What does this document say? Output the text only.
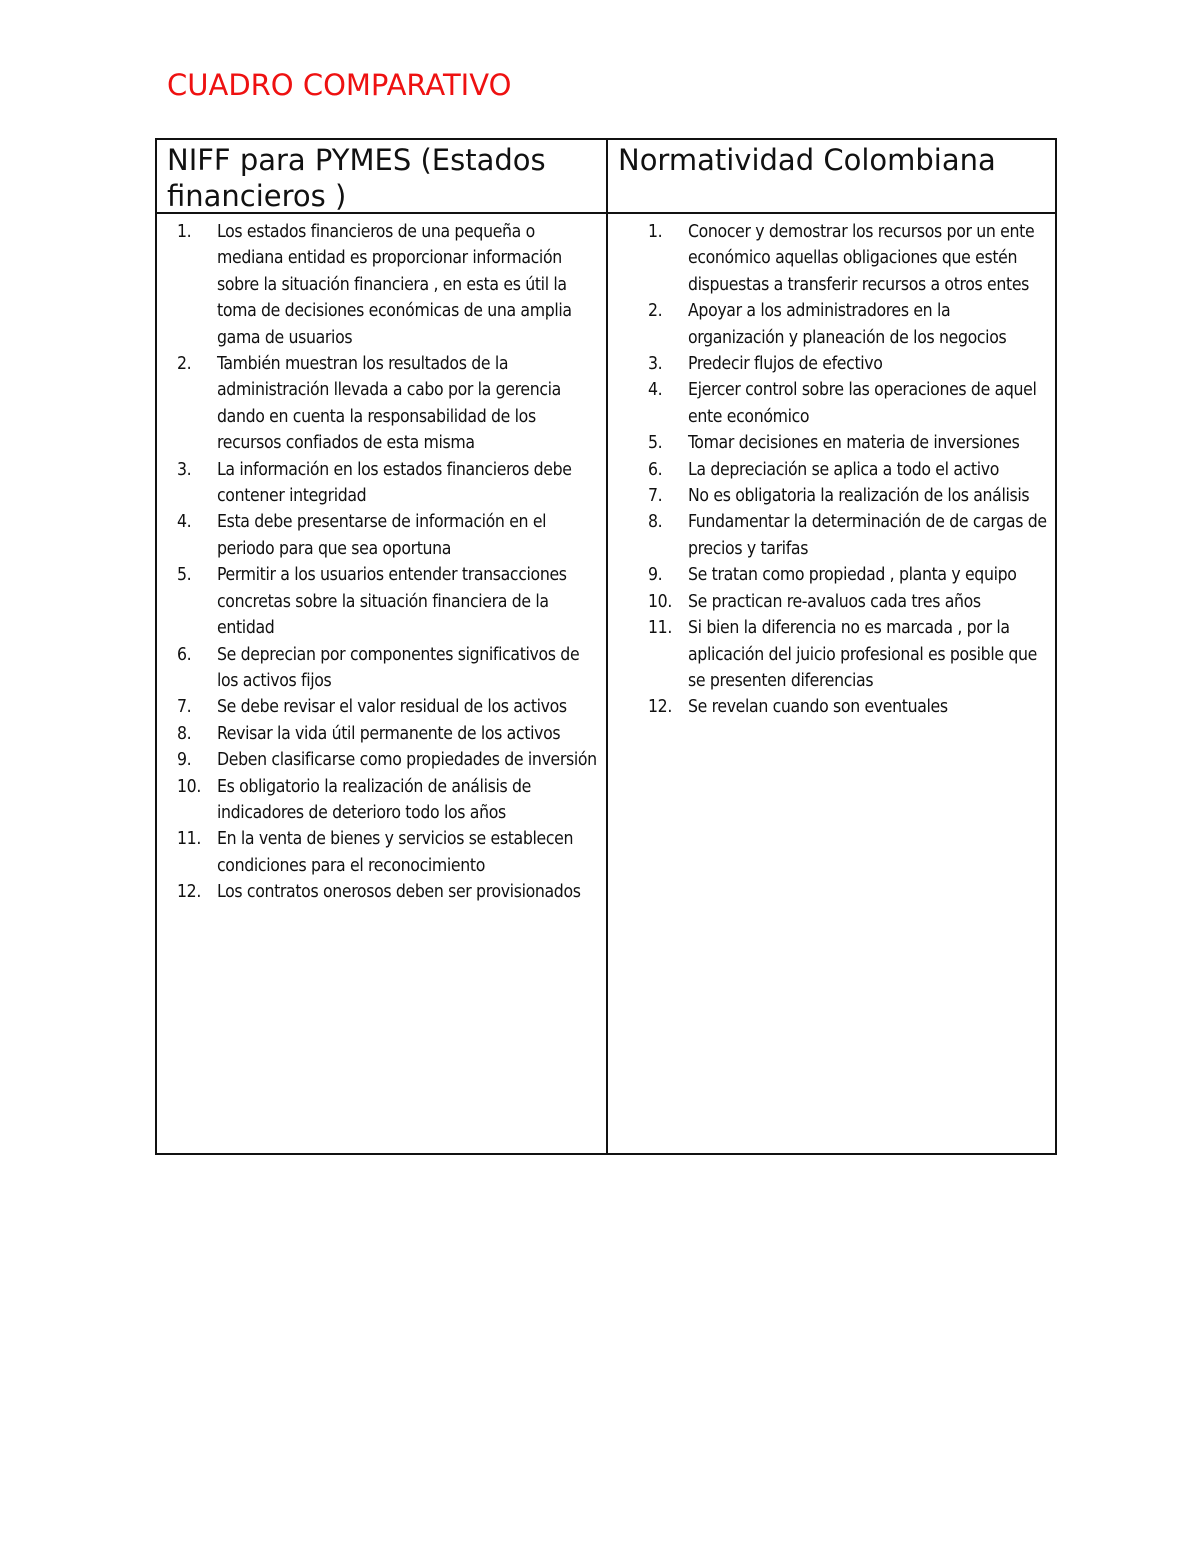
CUADRO COMPARATIVO
NIFF para PYMES (Estados financieros )
Normatividad Colombiana
1. Los estados financieros de una pequeña o mediana entidad es proporcionar información sobre la situación financiera , en esta es útil la toma de decisiones económicas de una amplia gama de usuarios
2. También muestran los resultados de la administración llevada a cabo por la gerencia dando en cuenta la responsabilidad de los recursos confiados de esta misma
3. La información en los estados financieros debe contener integridad
4. Esta debe presentarse de información en el periodo para que sea oportuna
5. Permitir a los usuarios entender transacciones concretas sobre la situación financiera de la entidad
6. Se deprecian por componentes significativos de los activos fijos
7. Se debe revisar el valor residual de los activos
8. Revisar la vida útil permanente de los activos
9. Deben clasificarse como propiedades de inversión
10. Es obligatorio la realización de análisis de indicadores de deterioro todo los años
11. En la venta de bienes y servicios se establecen condiciones para el reconocimiento
12. Los contratos onerosos deben ser provisionados
1. Conocer y demostrar los recursos por un ente económico aquellas obligaciones que estén dispuestas a transferir recursos a otros entes
2. Apoyar a los administradores en la organización y planeación de los negocios
3. Predecir flujos de efectivo
4. Ejercer control sobre las operaciones de aquel ente económico
5. Tomar decisiones en materia de inversiones
6. La depreciación se aplica a todo el activo
7. No es obligatoria la realización de los análisis
8. Fundamentar la determinación de de cargas de precios y tarifas
9. Se tratan como propiedad , planta y equipo
10. Se practican re-avaluos cada tres años
11. Si bien la diferencia no es marcada , por la aplicación del juicio profesional es posible que se presenten diferencias
12. Se revelan cuando son eventuales
